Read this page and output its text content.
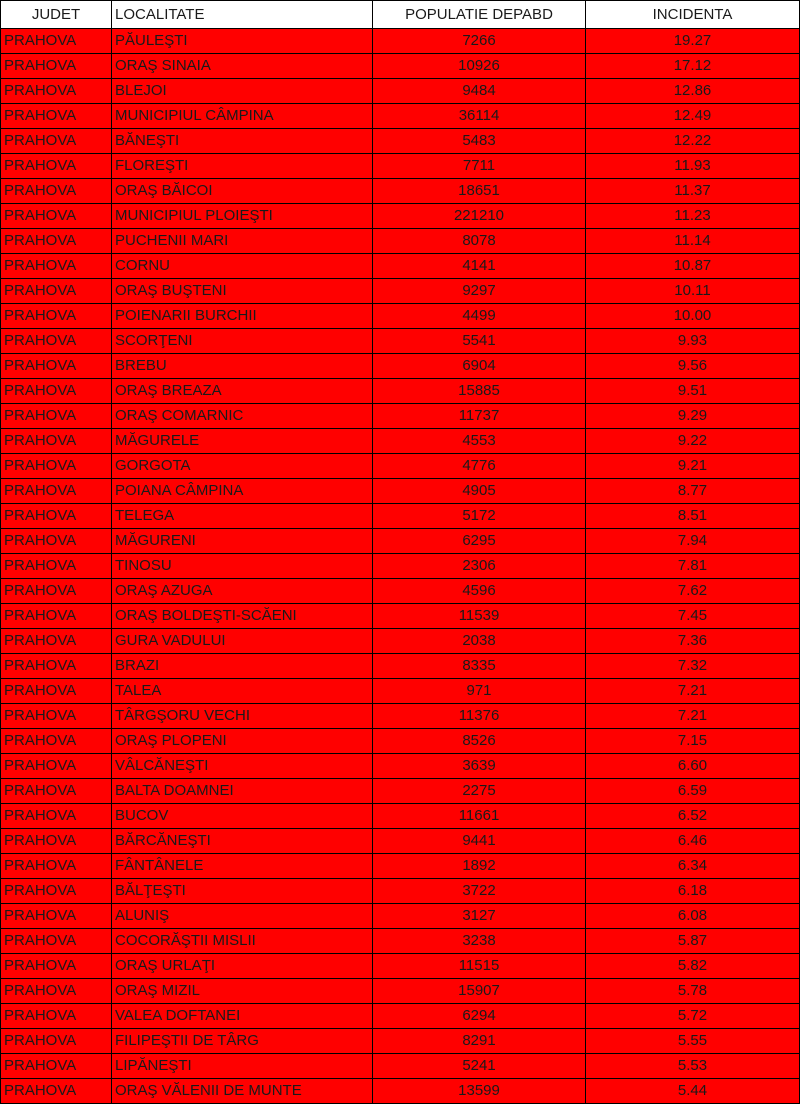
JUDET	LOCALITATE	POPULATIE DEPABD	INCIDENTA
PRAHOVA	PĂULEŞTI	7266	19.27
PRAHOVA	ORAŞ SINAIA	10926	17.12
PRAHOVA	BLEJOI	9484	12.86
PRAHOVA	MUNICIPIUL CÂMPINA	36114	12.49
PRAHOVA	BĂNEŞTI	5483	12.22
PRAHOVA	FLOREŞTI	7711	11.93
PRAHOVA	ORAŞ BĂICOI	18651	11.37
PRAHOVA	MUNICIPIUL PLOIEŞTI	221210	11.23
PRAHOVA	PUCHENII MARI	8078	11.14
PRAHOVA	CORNU	4141	10.87
PRAHOVA	ORAŞ BUŞTENI	9297	10.11
PRAHOVA	POIENARII BURCHII	4499	10.00
PRAHOVA	SCORŢENI	5541	9.93
PRAHOVA	BREBU	6904	9.56
PRAHOVA	ORAŞ BREAZA	15885	9.51
PRAHOVA	ORAŞ COMARNIC	11737	9.29
PRAHOVA	MĂGURELE	4553	9.22
PRAHOVA	GORGOTA	4776	9.21
PRAHOVA	POIANA CÂMPINA	4905	8.77
PRAHOVA	TELEGA	5172	8.51
PRAHOVA	MĂGURENI	6295	7.94
PRAHOVA	TINOSU	2306	7.81
PRAHOVA	ORAŞ AZUGA	4596	7.62
PRAHOVA	ORAŞ BOLDEŞTI-SCĂENI	11539	7.45
PRAHOVA	GURA VADULUI	2038	7.36
PRAHOVA	BRAZI	8335	7.32
PRAHOVA	TALEA	971	7.21
PRAHOVA	TÂRGŞORU VECHI	11376	7.21
PRAHOVA	ORAŞ PLOPENI	8526	7.15
PRAHOVA	VÂLCĂNEŞTI	3639	6.60
PRAHOVA	BALTA DOAMNEI	2275	6.59
PRAHOVA	BUCOV	11661	6.52
PRAHOVA	BĂRCĂNEŞTI	9441	6.46
PRAHOVA	FÂNTÂNELE	1892	6.34
PRAHOVA	BĂLŢEŞTI	3722	6.18
PRAHOVA	ALUNIŞ	3127	6.08
PRAHOVA	COCORĂŞTII MISLII	3238	5.87
PRAHOVA	ORAŞ URLAŢI	11515	5.82
PRAHOVA	ORAŞ MIZIL	15907	5.78
PRAHOVA	VALEA DOFTANEI	6294	5.72
PRAHOVA	FILIPEŞTII DE TÂRG	8291	5.55
PRAHOVA	LIPĂNEŞTI	5241	5.53
PRAHOVA	ORAŞ VĂLENII DE MUNTE	13599	5.44
